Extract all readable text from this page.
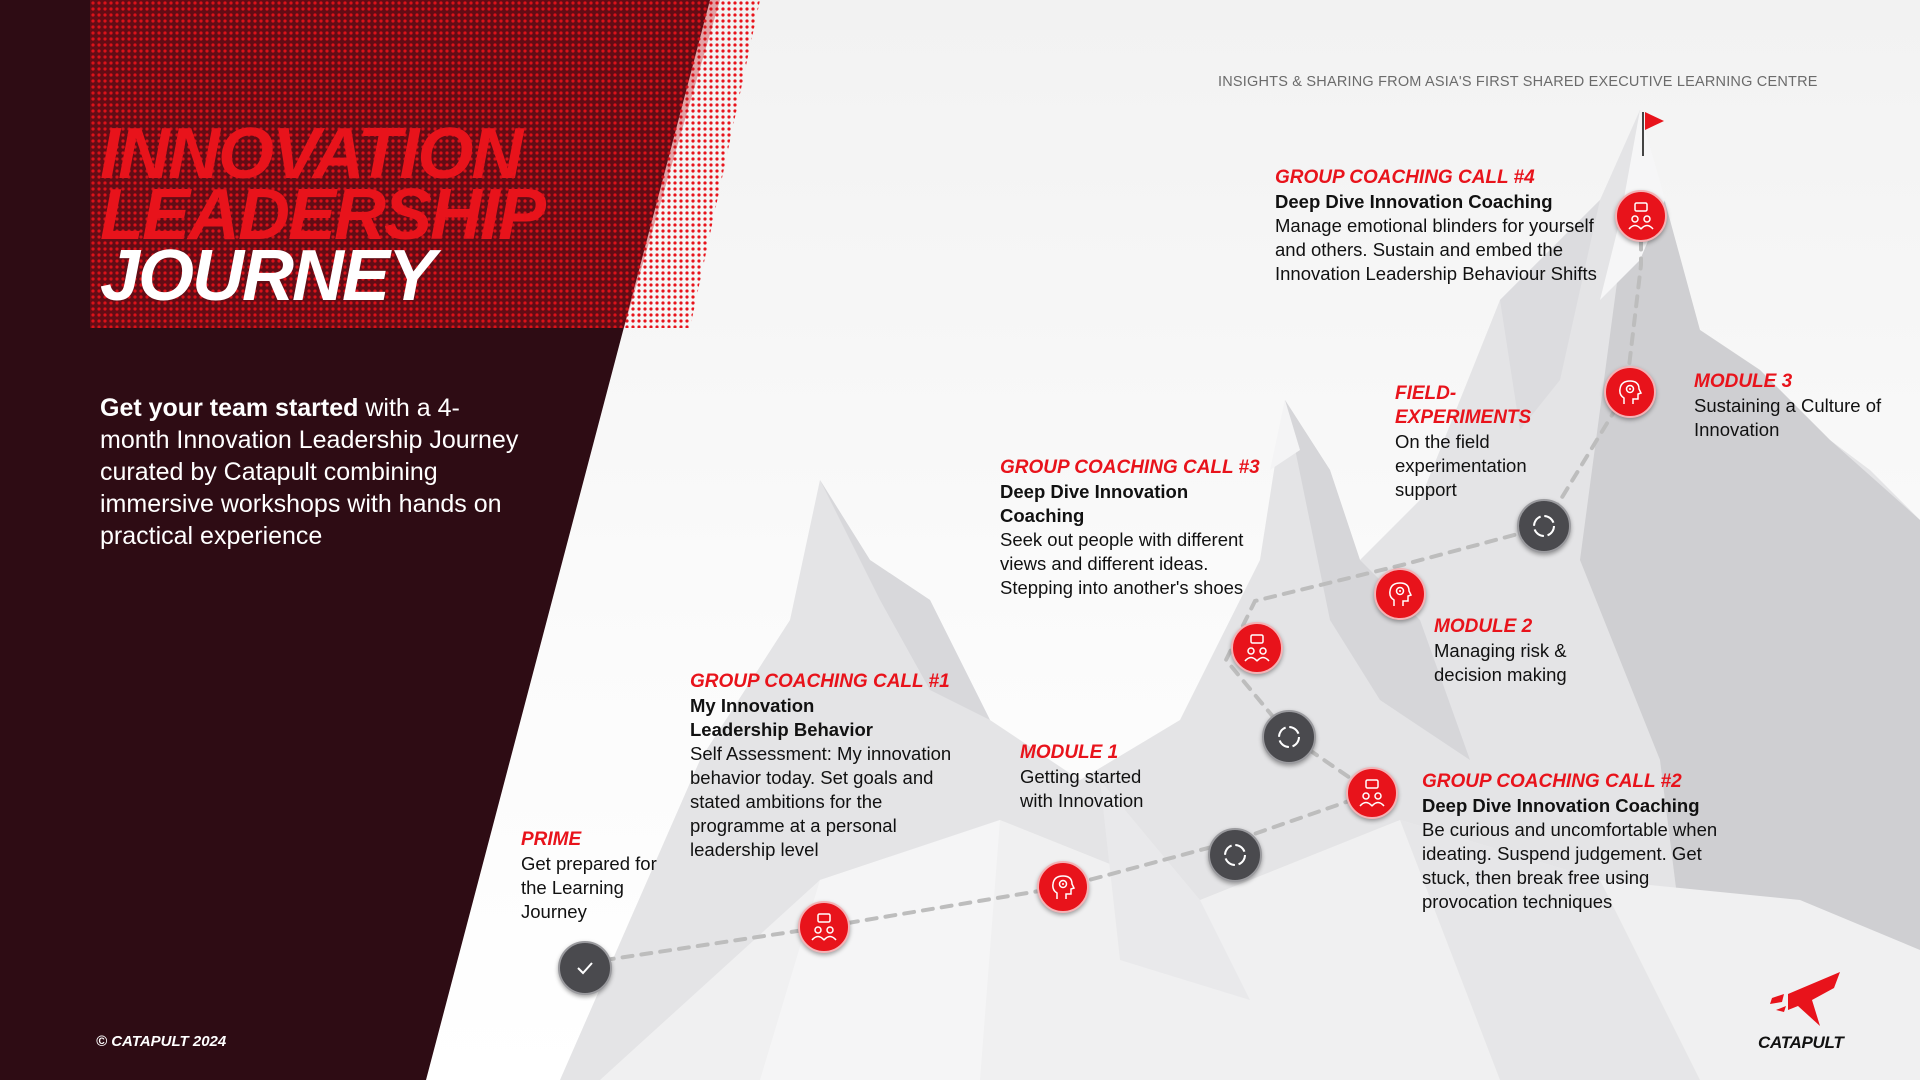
INNOVATION
LEADERSHIP
JOURNEY
Get your team started with a 4-month Innovation Leadership Journey curated by Catapult combining immersive workshops with hands on practical experience
© CATAPULT 2024
INSIGHTS & SHARING FROM ASIA'S FIRST SHARED EXECUTIVE LEARNING CENTRE
PRIME
Get prepared for the Learning Journey
GROUP COACHING CALL #1
My Innovation Leadership Behavior
Self Assessment: My innovation behavior today. Set goals and stated ambitions for the programme at a personal leadership level
MODULE 1
Getting started with Innovation
GROUP COACHING CALL #2
Deep Dive Innovation Coaching
Be curious and uncomfortable when ideating. Suspend judgement. Get stuck, then break free using provocation techniques
GROUP COACHING CALL #3
Deep Dive Innovation Coaching
Seek out people with different views and different ideas. Stepping into another's shoes
MODULE 2
Managing risk & decision making
FIELD-EXPERIMENTS
On the field experimentation support
MODULE 3
Sustaining a Culture of Innovation
GROUP COACHING CALL #4
Deep Dive Innovation Coaching
Manage emotional blinders for yourself and others. Sustain and embed the Innovation Leadership Behaviour Shifts
CATAPULT
